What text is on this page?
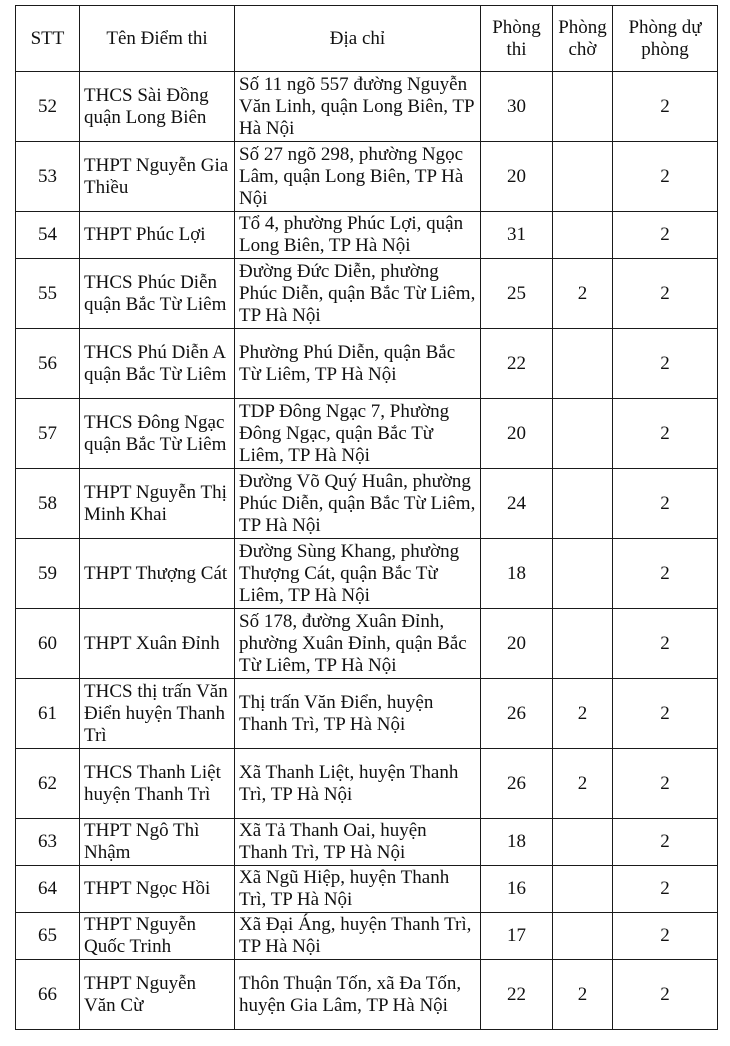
STT	Tên Điểm thi	Địa chỉ	Phòng thi	Phòng chờ	Phòng dự phòng
52	THCS Sài Đồng quận Long Biên	Số 11 ngõ 557 đường Nguyễn Văn Linh, quận Long Biên, TP Hà Nội	30		2
53	THPT Nguyễn Gia Thiều	Số 27 ngõ 298, phường Ngọc Lâm, quận Long Biên, TP Hà Nội	20		2
54	THPT Phúc Lợi	Tổ 4, phường Phúc Lợi, quận Long Biên, TP Hà Nội	31		2
55	THCS Phúc Diễn quận Bắc Từ Liêm	Đường Đức Diễn, phường Phúc Diễn, quận Bắc Từ Liêm, TP Hà Nội	25	2	2
56	THCS Phú Diễn A quận Bắc Từ Liêm	Phường Phú Diễn, quận Bắc Từ Liêm, TP Hà Nội	22		2
57	THCS Đông Ngạc quận Bắc Từ Liêm	TDP Đông Ngạc 7, Phường Đông Ngạc, quận Bắc Từ Liêm, TP Hà Nội	20		2
58	THPT Nguyễn Thị Minh Khai	Đường Võ Quý Huân, phường Phúc Diễn, quận Bắc Từ Liêm, TP Hà Nội	24		2
59	THPT Thượng Cát	Đường Sùng Khang, phường Thượng Cát, quận Bắc Từ Liêm, TP Hà Nội	18		2
60	THPT Xuân Đỉnh	Số 178, đường Xuân Đỉnh, phường Xuân Đỉnh, quận Bắc Từ Liêm, TP Hà Nội	20		2
61	THCS thị trấn Văn Điển huyện Thanh Trì	Thị trấn Văn Điển, huyện Thanh Trì, TP Hà Nội	26	2	2
62	THCS Thanh Liệt huyện Thanh Trì	Xã Thanh Liệt, huyện Thanh Trì, TP Hà Nội	26	2	2
63	THPT Ngô Thì Nhậm	Xã Tả Thanh Oai, huyện Thanh Trì, TP Hà Nội	18		2
64	THPT Ngọc Hồi	Xã Ngũ Hiệp, huyện Thanh Trì, TP Hà Nội	16		2
65	THPT Nguyễn Quốc Trinh	Xã Đại Áng, huyện Thanh Trì, TP Hà Nội	17		2
66	THPT Nguyễn Văn Cừ	Thôn Thuận Tốn, xã Đa Tốn, huyện Gia Lâm, TP Hà Nội	22	2	2
